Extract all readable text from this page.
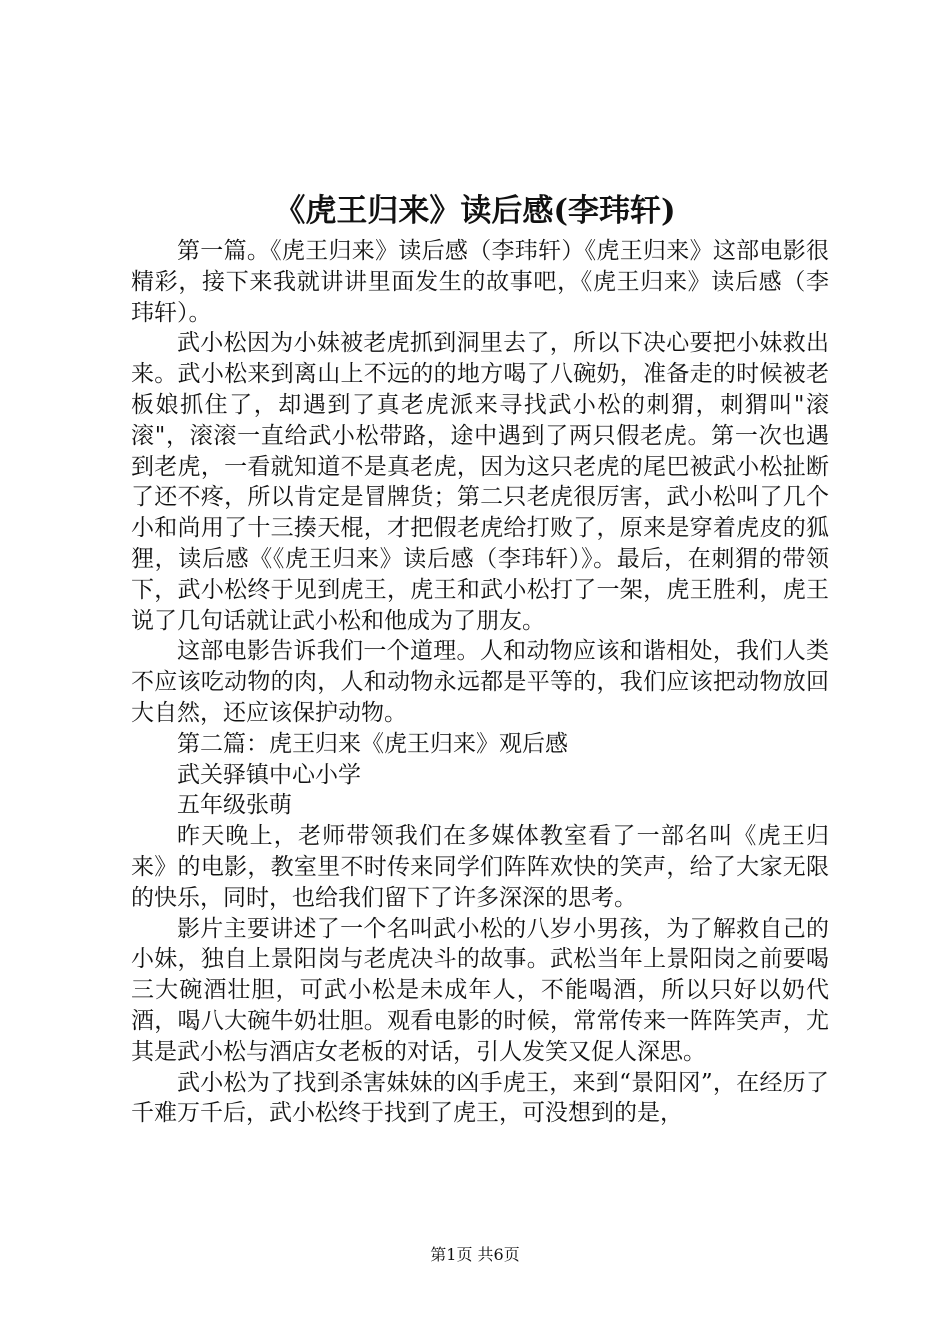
《虎王归来》读后感(李玮轩)

第一篇。《虎王归来》读后感（李玮轩）《虎王归来》这部电影很精彩，接下来我就讲讲里面发生的故事吧，《虎王归来》读后感（李玮轩）。

武小松因为小妹被老虎抓到洞里去了，所以下决心要把小妹救出来。武小松来到离山上不远的的地方喝了八碗奶，准备走的时候被老板娘抓住了，却遇到了真老虎派来寻找武小松的刺猬，刺猬叫"滚滚"，滚滚一直给武小松带路，途中遇到了两只假老虎。第一次也遇到老虎，一看就知道不是真老虎，因为这只老虎的尾巴被武小松扯断了还不疼，所以肯定是冒牌货；第二只老虎很厉害，武小松叫了几个小和尚用了十三揍天棍，才把假老虎给打败了，原来是穿着虎皮的狐狸，读后感《《虎王归来》读后感（李玮轩）》。最后，在刺猬的带领下，武小松终于见到虎王，虎王和武小松打了一架，虎王胜利，虎王说了几句话就让武小松和他成为了朋友。

这部电影告诉我们一个道理。人和动物应该和谐相处，我们人类不应该吃动物的肉，人和动物永远都是平等的，我们应该把动物放回大自然，还应该保护动物。

第二篇：虎王归来《虎王归来》观后感

武关驿镇中心小学

五年级张萌

昨天晚上，老师带领我们在多媒体教室看了一部名叫《虎王归来》的电影，教室里不时传来同学们阵阵欢快的笑声，给了大家无限的快乐，同时，也给我们留下了许多深深的思考。

影片主要讲述了一个名叫武小松的八岁小男孩，为了解救自己的小妹，独自上景阳岗与老虎决斗的故事。武松当年上景阳岗之前要喝三大碗酒壮胆，可武小松是未成年人，不能喝酒，所以只好以奶代酒，喝八大碗牛奶壮胆。观看电影的时候，常常传来一阵阵笑声，尤其是武小松与酒店女老板的对话，引人发笑又促人深思。

武小松为了找到杀害妹妹的凶手虎王，来到“景阳冈”，在经历了千难万千后，武小松终于找到了虎王，可没想到的是，

第1页 共6页
